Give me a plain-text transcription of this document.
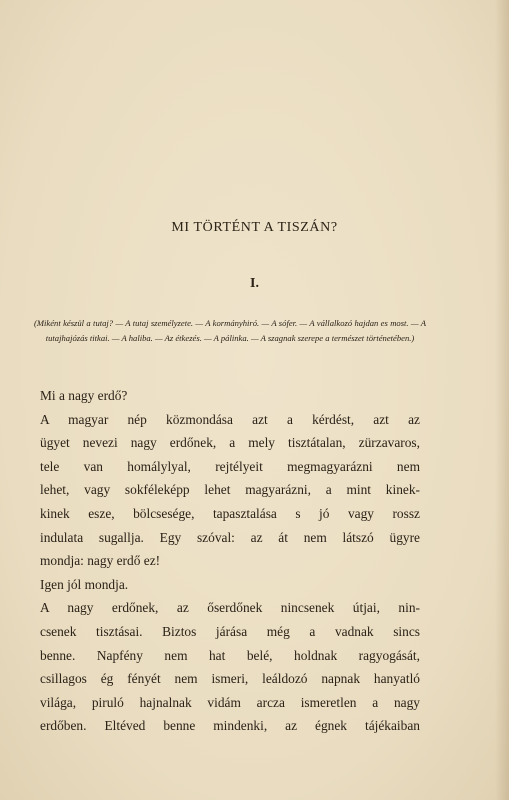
MI TÖRTÉNT A TISZÁN?
I.
(Miként készül a tutaj? — A tutaj személyzete. — A kormányhiró. — A sófer. — A vállalkozó hajdan es most. — A tutajhajózás titkai. — A haliba. — Az étkezés. — A pálinka. — A szagnak szerepe a természet történetében.)
Mi a nagy erdő?
A magyar nép közmondása azt a kérdést, azt az
ügyet nevezi nagy erdőnek, a mely tisztátalan, zürzavaros,
tele van homálylyal, rejtélyeit megmagyarázni nem
lehet, vagy sokféleképp lehet magyarázni, a mint kinek-
kinek esze, bölcsesége, tapasztalása s jó vagy rossz
indulata sugallja. Egy szóval: az át nem látszó ügyre
mondja: nagy erdő ez!
Igen jól mondja.
A nagy erdőnek, az őserdőnek nincsenek útjai, nin-
csenek tisztásai. Biztos járása még a vadnak sincs
benne. Napfény nem hat belé, holdnak ragyogását,
csillagos ég fényét nem ismeri, leáldozó napnak hanyatló
világa, piruló hajnalnak vidám arcza ismeretlen a nagy
erdőben. Eltéved benne mindenki, az égnek tájékaiban
